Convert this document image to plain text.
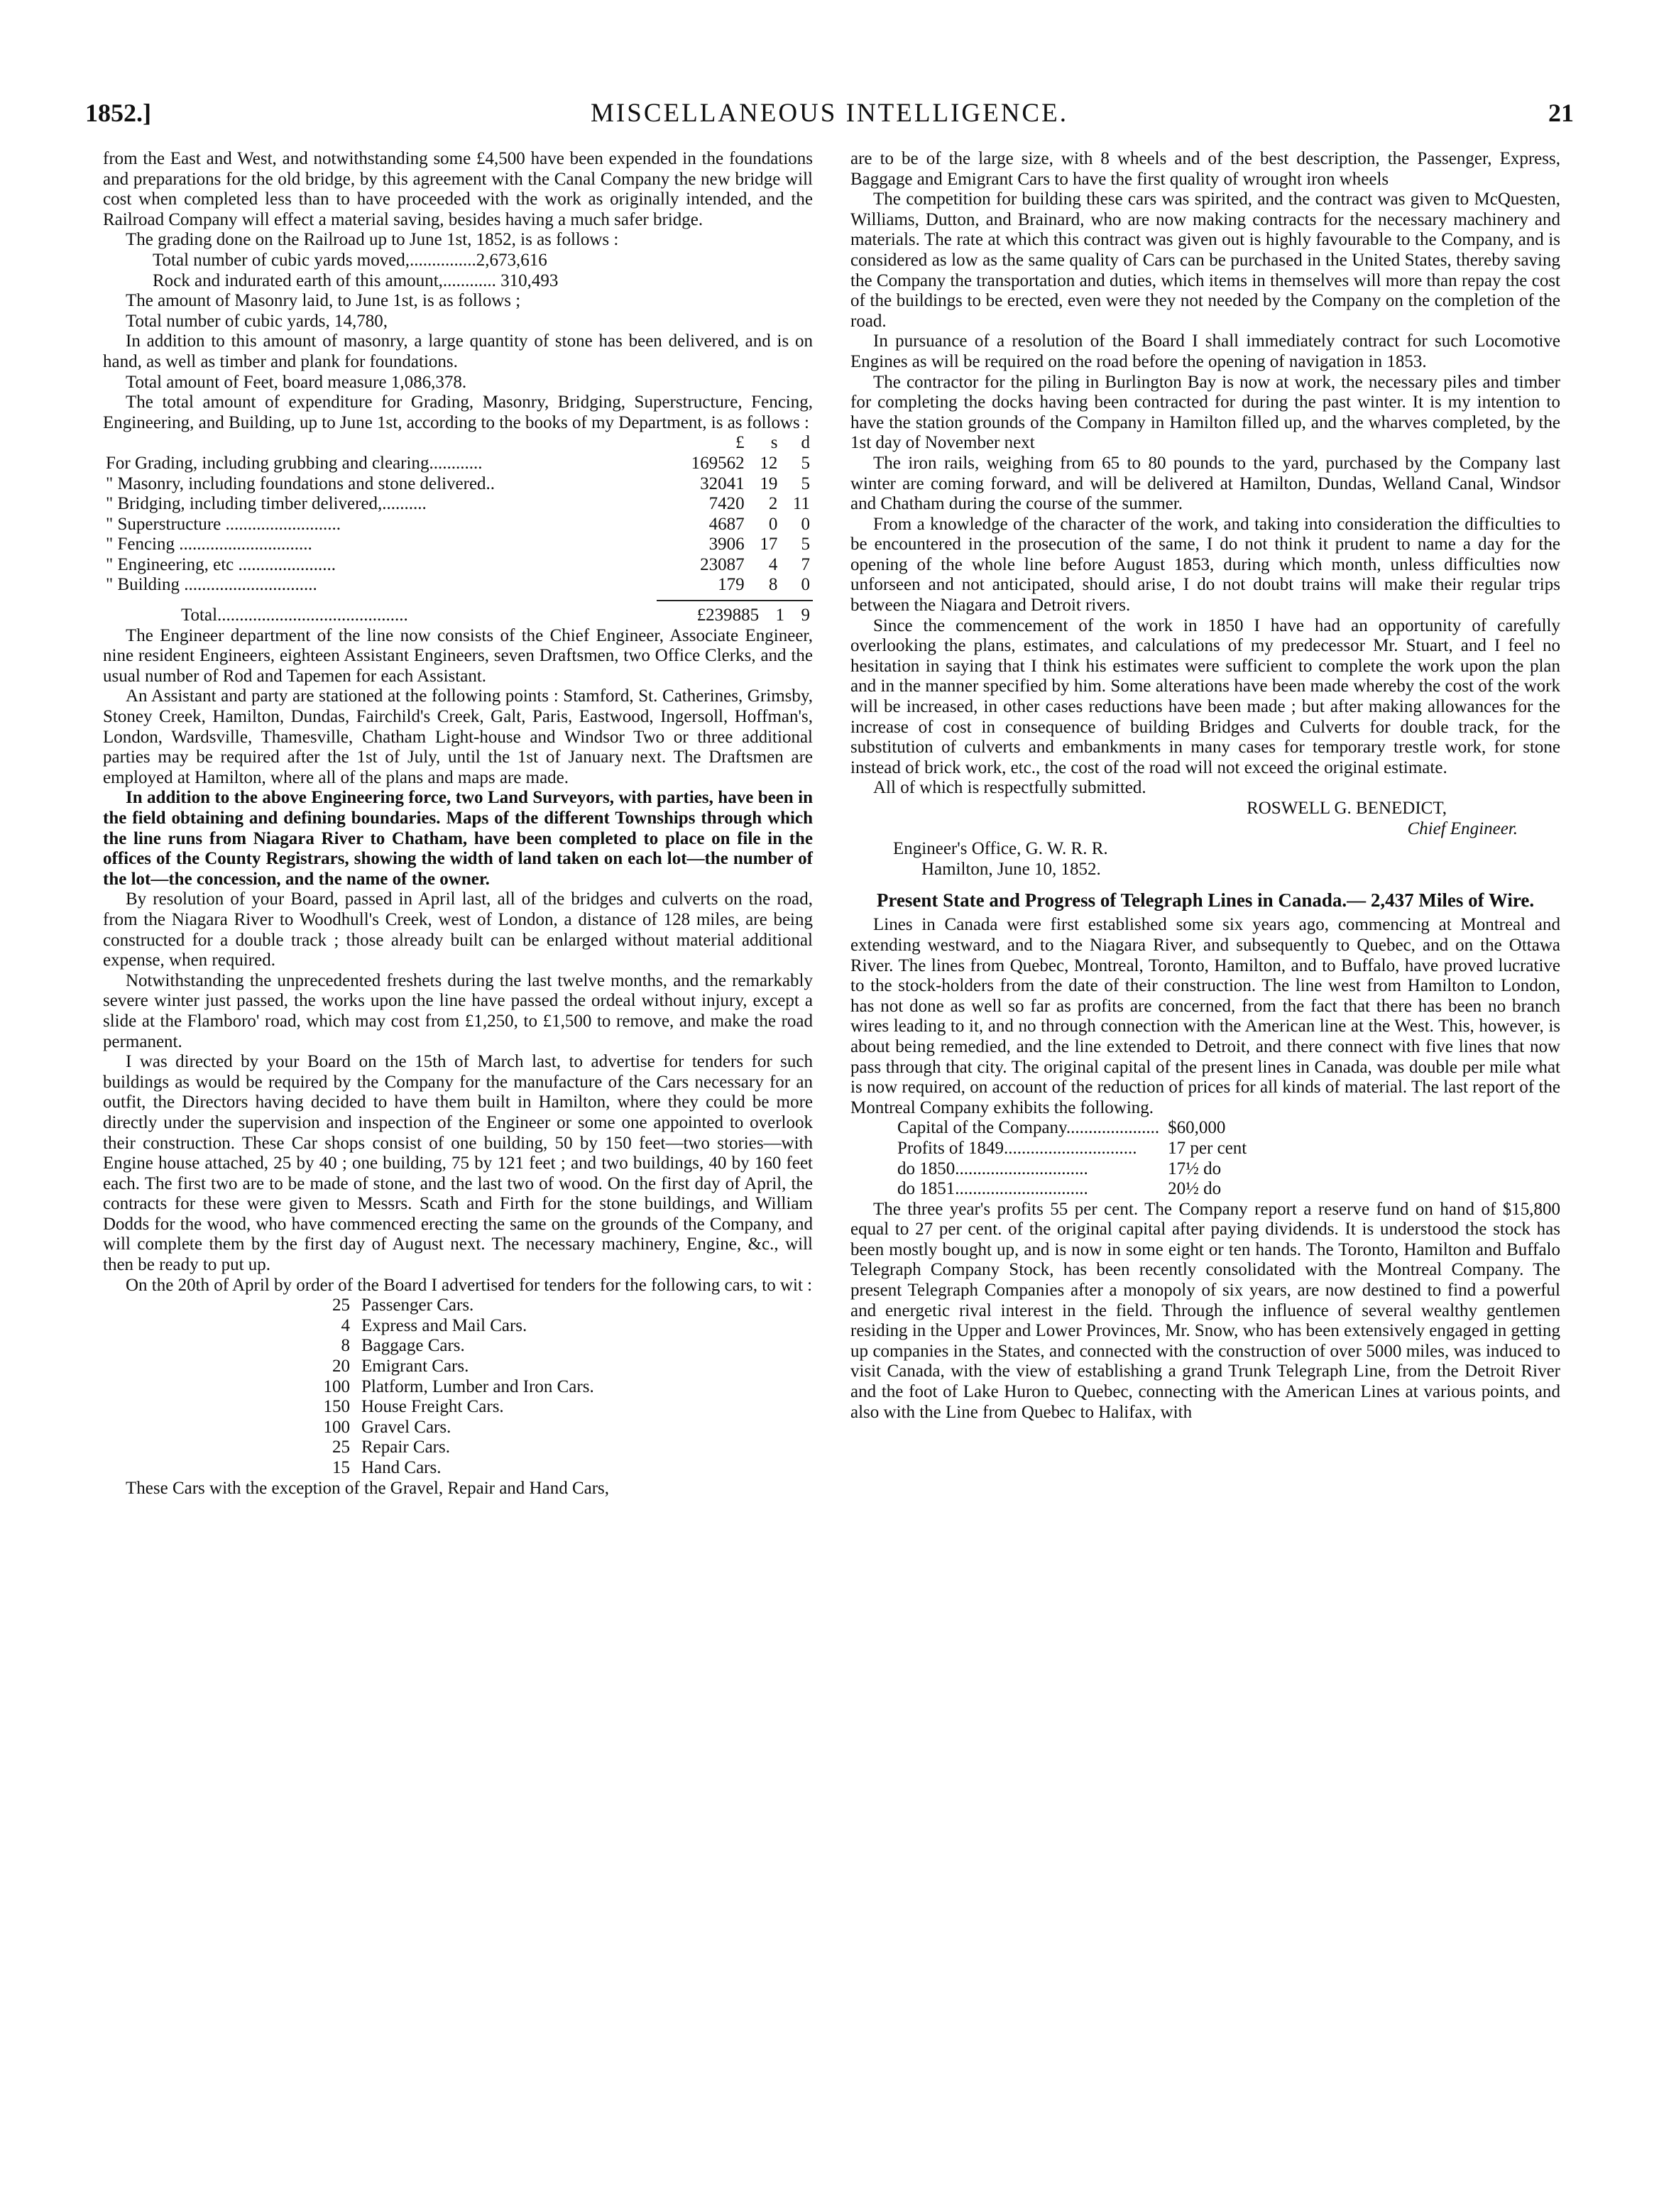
1852.]	MISCELLANEOUS INTELLIGENCE.	21

from the East and West, and notwithstanding some £4,500 have been expended in the foundations and preparations for the old bridge, by this agreement with the Canal Company the new bridge will cost when completed less than to have proceeded with the work as originally intended, and the Railroad Company will effect a material saving, besides having a much safer bridge.

The grading done on the Railroad up to June 1st, 1852, is as follows :

Total number of cubic yards moved,...............2,673,616

Rock and indurated earth of this amount,............ 310,493

The amount of Masonry laid, to June 1st, is as follows ;

Total number of cubic yards, 14,780,

In addition to this amount of masonry, a large quantity of stone has been delivered, and is on hand, as well as timber and plank for foundations.

Total amount of Feet, board measure 1,086,378.

The total amount of expenditure for Grading, Masonry, Bridging, Superstructure, Fencing, Engineering, and Building, up to June 1st, according to the books of my Department, is as follows :

	£	s	d
For Grading, including grubbing and clearing............	169562	12	5
" Masonry, including foundations and stone delivered..	32041	19	5
" Bridging, including timber delivered,..........	7420	2	11
" Superstructure ..........................	4687	0	0
" Fencing ..............................	3906	17	5
" Engineering, etc ......................	23087	4	7
" Building ..............................	179	8	0
Total...........................................	£239885	1	9

The Engineer department of the line now consists of the Chief Engineer, Associate Engineer, nine resident Engineers, eighteen Assistant Engineers, seven Draftsmen, two Office Clerks, and the usual number of Rod and Tapemen for each Assistant.

An Assistant and party are stationed at the following points : Stamford, St. Catherines, Grimsby, Stoney Creek, Hamilton, Dundas, Fairchild's Creek, Galt, Paris, Eastwood, Ingersoll, Hoffman's, London, Wardsville, Thamesville, Chatham Light-house and Windsor Two or three additional parties may be required after the 1st of July, until the 1st of January next. The Draftsmen are employed at Hamilton, where all of the plans and maps are made.

In addition to the above Engineering force, two Land Surveyors, with parties, have been in the field obtaining and defining boundaries. Maps of the different Townships through which the line runs from Niagara River to Chatham, have been completed to place on file in the offices of the County Registrars, showing the width of land taken on each lot—the number of the lot—the concession, and the name of the owner.

By resolution of your Board, passed in April last, all of the bridges and culverts on the road, from the Niagara River to Woodhull's Creek, west of London, a distance of 128 miles, are being constructed for a double track ; those already built can be enlarged without material additional expense, when required.

Notwithstanding the unprecedented freshets during the last twelve months, and the remarkably severe winter just passed, the works upon the line have passed the ordeal without injury, except a slide at the Flamboro' road, which may cost from £1,250, to £1,500 to remove, and make the road permanent.

I was directed by your Board on the 15th of March last, to advertise for tenders for such buildings as would be required by the Company for the manufacture of the Cars necessary for an outfit, the Directors having decided to have them built in Hamilton, where they could be more directly under the supervision and inspection of the Engineer or some one appointed to overlook their construction. These Car shops consist of one building, 50 by 150 feet—two stories—with Engine house attached, 25 by 40 ; one building, 75 by 121 feet ; and two buildings, 40 by 160 feet each. The first two are to be made of stone, and the last two of wood. On the first day of April, the contracts for these were given to Messrs. Scath and Firth for the stone buildings, and William Dodds for the wood, who have commenced erecting the same on the grounds of the Company, and will complete them by the first day of August next. The necessary machinery, Engine, &c., will then be ready to put up.

On the 20th of April by order of the Board I advertised for tenders for the following cars, to wit :

25	Passenger Cars.
4	Express and Mail Cars.
8	Baggage Cars.
20	Emigrant Cars.
100	Platform, Lumber and Iron Cars.
150	House Freight Cars.
100	Gravel Cars.
25	Repair Cars.
15	Hand Cars.

These Cars with the exception of the Gravel, Repair and Hand Cars,

are to be of the large size, with 8 wheels and of the best description, the Passenger, Express, Baggage and Emigrant Cars to have the first quality of wrought iron wheels

The competition for building these cars was spirited, and the contract was given to McQuesten, Williams, Dutton, and Brainard, who are now making contracts for the necessary machinery and materials. The rate at which this contract was given out is highly favourable to the Company, and is considered as low as the same quality of Cars can be purchased in the United States, thereby saving the Company the transportation and duties, which items in themselves will more than repay the cost of the buildings to be erected, even were they not needed by the Company on the completion of the road.

In pursuance of a resolution of the Board I shall immediately contract for such Locomotive Engines as will be required on the road before the opening of navigation in 1853.

The contractor for the piling in Burlington Bay is now at work, the necessary piles and timber for completing the docks having been contracted for during the past winter. It is my intention to have the station grounds of the Company in Hamilton filled up, and the wharves completed, by the 1st day of November next

The iron rails, weighing from 65 to 80 pounds to the yard, purchased by the Company last winter are coming forward, and will be delivered at Hamilton, Dundas, Welland Canal, Windsor and Chatham during the course of the summer.

From a knowledge of the character of the work, and taking into consideration the difficulties to be encountered in the prosecution of the same, I do not think it prudent to name a day for the opening of the whole line before August 1853, during which month, unless difficulties now unforseen and not anticipated, should arise, I do not doubt trains will make their regular trips between the Niagara and Detroit rivers.

Since the commencement of the work in 1850 I have had an opportunity of carefully overlooking the plans, estimates, and calculations of my predecessor Mr. Stuart, and I feel no hesitation in saying that I think his estimates were sufficient to complete the work upon the plan and in the manner specified by him. Some alterations have been made whereby the cost of the work will be increased, in other cases reductions have been made ; but after making allowances for the increase of cost in consequence of building Bridges and Culverts for double track, for the substitution of culverts and embankments in many cases for temporary trestle work, for stone instead of brick work, etc., the cost of the road will not exceed the original estimate.

All of which is respectfully submitted.

ROSWELL G. BENEDICT,

Chief Engineer.

Engineer's Office, G. W. R. R.

Hamilton, June 10, 1852.

Present State and Progress of Telegraph Lines in Canada.— 2,437 Miles of Wire.

Lines in Canada were first established some six years ago, commencing at Montreal and extending westward, and to the Niagara River, and subsequently to Quebec, and on the Ottawa River. The lines from Quebec, Montreal, Toronto, Hamilton, and to Buffalo, have proved lucrative to the stock-holders from the date of their construction. The line west from Hamilton to London, has not done as well so far as profits are concerned, from the fact that there has been no branch wires leading to it, and no through connection with the American line at the West. This, however, is about being remedied, and the line extended to Detroit, and there connect with five lines that now pass through that city. The original capital of the present lines in Canada, was double per mile what is now required, on account of the reduction of prices for all kinds of material. The last report of the Montreal Company exhibits the following.

Capital of the Company.....................	$60,000
Profits of 1849..............................	17 per cent
do 1850..............................	17½ do
do 1851..............................	20½ do

The three year's profits 55 per cent. The Company report a reserve fund on hand of $15,800 equal to 27 per cent. of the original capital after paying dividends. It is understood the stock has been mostly bought up, and is now in some eight or ten hands. The Toronto, Hamilton and Buffalo Telegraph Company Stock, has been recently consolidated with the Montreal Company. The present Telegraph Companies after a monopoly of six years, are now destined to find a powerful and energetic rival interest in the field. Through the influence of several wealthy gentlemen residing in the Upper and Lower Provinces, Mr. Snow, who has been extensively engaged in getting up companies in the States, and connected with the construction of over 5000 miles, was induced to visit Canada, with the view of establishing a grand Trunk Telegraph Line, from the Detroit River and the foot of Lake Huron to Quebec, connecting with the American Lines at various points, and also with the Line from Quebec to Halifax, with
